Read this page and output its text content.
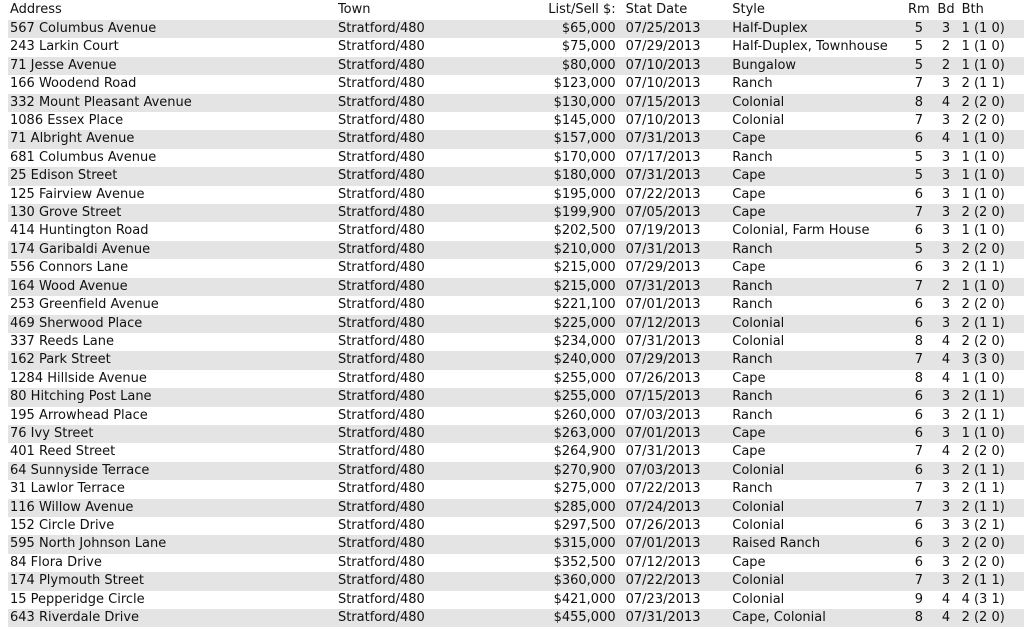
Address	Town	List/Sell $:	Stat Date	Style	Rm	Bd	Bth
567 Columbus Avenue	Stratford/480	$65,000	07/25/2013	Half-Duplex	5	3	1 (1 0)
243 Larkin Court	Stratford/480	$75,000	07/29/2013	Half-Duplex, Townhouse	5	2	1 (1 0)
71 Jesse Avenue	Stratford/480	$80,000	07/10/2013	Bungalow	5	2	1 (1 0)
166 Woodend Road	Stratford/480	$123,000	07/10/2013	Ranch	7	3	2 (1 1)
332 Mount Pleasant Avenue	Stratford/480	$130,000	07/15/2013	Colonial	8	4	2 (2 0)
1086 Essex Place	Stratford/480	$145,000	07/10/2013	Colonial	7	3	2 (2 0)
71 Albright Avenue	Stratford/480	$157,000	07/31/2013	Cape	6	4	1 (1 0)
681 Columbus Avenue	Stratford/480	$170,000	07/17/2013	Ranch	5	3	1 (1 0)
25 Edison Street	Stratford/480	$180,000	07/31/2013	Cape	5	3	1 (1 0)
125 Fairview Avenue	Stratford/480	$195,000	07/22/2013	Cape	6	3	1 (1 0)
130 Grove Street	Stratford/480	$199,900	07/05/2013	Cape	7	3	2 (2 0)
414 Huntington Road	Stratford/480	$202,500	07/19/2013	Colonial, Farm House	6	3	1 (1 0)
174 Garibaldi Avenue	Stratford/480	$210,000	07/31/2013	Ranch	5	3	2 (2 0)
556 Connors Lane	Stratford/480	$215,000	07/29/2013	Cape	6	3	2 (1 1)
164 Wood Avenue	Stratford/480	$215,000	07/31/2013	Ranch	7	2	1 (1 0)
253 Greenfield Avenue	Stratford/480	$221,100	07/01/2013	Ranch	6	3	2 (2 0)
469 Sherwood Place	Stratford/480	$225,000	07/12/2013	Colonial	6	3	2 (1 1)
337 Reeds Lane	Stratford/480	$234,000	07/31/2013	Colonial	8	4	2 (2 0)
162 Park Street	Stratford/480	$240,000	07/29/2013	Ranch	7	4	3 (3 0)
1284 Hillside Avenue	Stratford/480	$255,000	07/26/2013	Cape	8	4	1 (1 0)
80 Hitching Post Lane	Stratford/480	$255,000	07/15/2013	Ranch	6	3	2 (1 1)
195 Arrowhead Place	Stratford/480	$260,000	07/03/2013	Ranch	6	3	2 (1 1)
76 Ivy Street	Stratford/480	$263,000	07/01/2013	Cape	6	3	1 (1 0)
401 Reed Street	Stratford/480	$264,900	07/31/2013	Cape	7	4	2 (2 0)
64 Sunnyside Terrace	Stratford/480	$270,900	07/03/2013	Colonial	6	3	2 (1 1)
31 Lawlor Terrace	Stratford/480	$275,000	07/22/2013	Ranch	7	3	2 (1 1)
116 Willow Avenue	Stratford/480	$285,000	07/24/2013	Colonial	7	3	2 (1 1)
152 Circle Drive	Stratford/480	$297,500	07/26/2013	Colonial	6	3	3 (2 1)
595 North Johnson Lane	Stratford/480	$315,000	07/01/2013	Raised Ranch	6	3	2 (2 0)
84 Flora Drive	Stratford/480	$352,500	07/12/2013	Cape	6	3	2 (2 0)
174 Plymouth Street	Stratford/480	$360,000	07/22/2013	Colonial	7	3	2 (1 1)
15 Pepperidge Circle	Stratford/480	$421,000	07/23/2013	Colonial	9	4	4 (3 1)
643 Riverdale Drive	Stratford/480	$455,000	07/31/2013	Cape, Colonial	8	4	2 (2 0)
